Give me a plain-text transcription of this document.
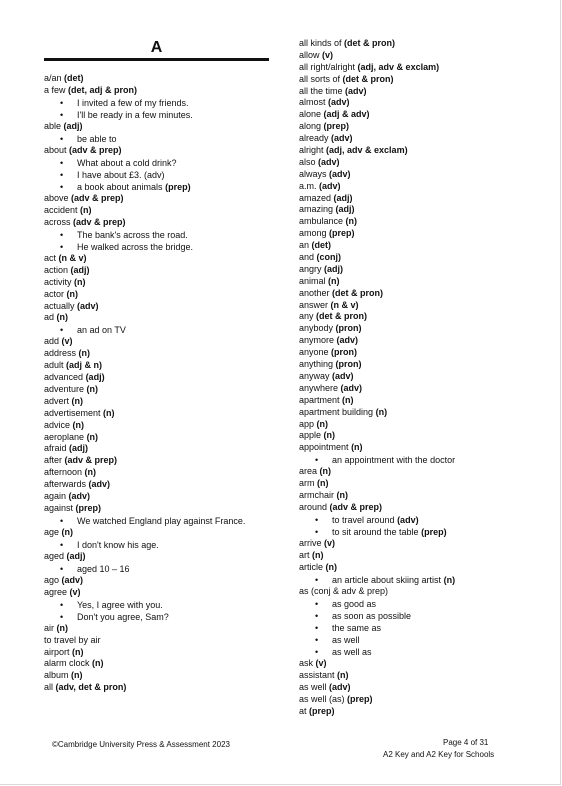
A
a/an (det)
a few (det, adj & pron)
• I invited a few of my friends.
• I'll be ready in a few minutes.
able (adj)
• be able to
about (adv & prep)
• What about a cold drink?
• I have about £3. (adv)
• a book about animals (prep)
above (adv & prep)
accident (n)
across (adv & prep)
• The bank's across the road.
• He walked across the bridge.
act (n & v)
action (adj)
activity (n)
actor (n)
actually (adv)
ad (n)
• an ad on TV
add (v)
address (n)
adult (adj & n)
advanced (adj)
adventure (n)
advert (n)
advertisement (n)
advice (n)
aeroplane (n)
afraid (adj)
after (adv & prep)
afternoon (n)
afterwards (adv)
again (adv)
against (prep)
• We watched England play against France.
age (n)
• I don't know his age.
aged (adj)
• aged 10 – 16
ago (adv)
agree (v)
• Yes, I agree with you.
• Don't you agree, Sam?
air (n)
to travel by air
airport (n)
alarm clock (n)
album (n)
all (adv, det & pron)
all kinds of (det & pron)
allow (v)
all right/alright (adj, adv & exclam)
all sorts of (det & pron)
all the time (adv)
almost (adv)
alone (adj & adv)
along (prep)
already (adv)
alright (adj, adv & exclam)
also (adv)
always (adv)
a.m. (adv)
amazed (adj)
amazing (adj)
ambulance (n)
among (prep)
an (det)
and (conj)
angry (adj)
animal (n)
another (det & pron)
answer (n & v)
any (det & pron)
anybody (pron)
anymore (adv)
anyone (pron)
anything (pron)
anyway (adv)
anywhere (adv)
apartment (n)
apartment building (n)
app (n)
apple (n)
appointment (n)
• an appointment with the doctor
area (n)
arm (n)
armchair (n)
around (adv & prep)
• to travel around (adv)
• to sit around the table (prep)
arrive (v)
art (n)
article (n)
• an article about skiing artist (n)
as (conj & adv & prep)
• as good as
• as soon as possible
• the same as
• as well
• as well as
ask (v)
assistant (n)
as well (adv)
as well (as) (prep)
at (prep)
©Cambridge University Press & Assessment 2023	Page 4 of 31
A2 Key and A2 Key for Schools
